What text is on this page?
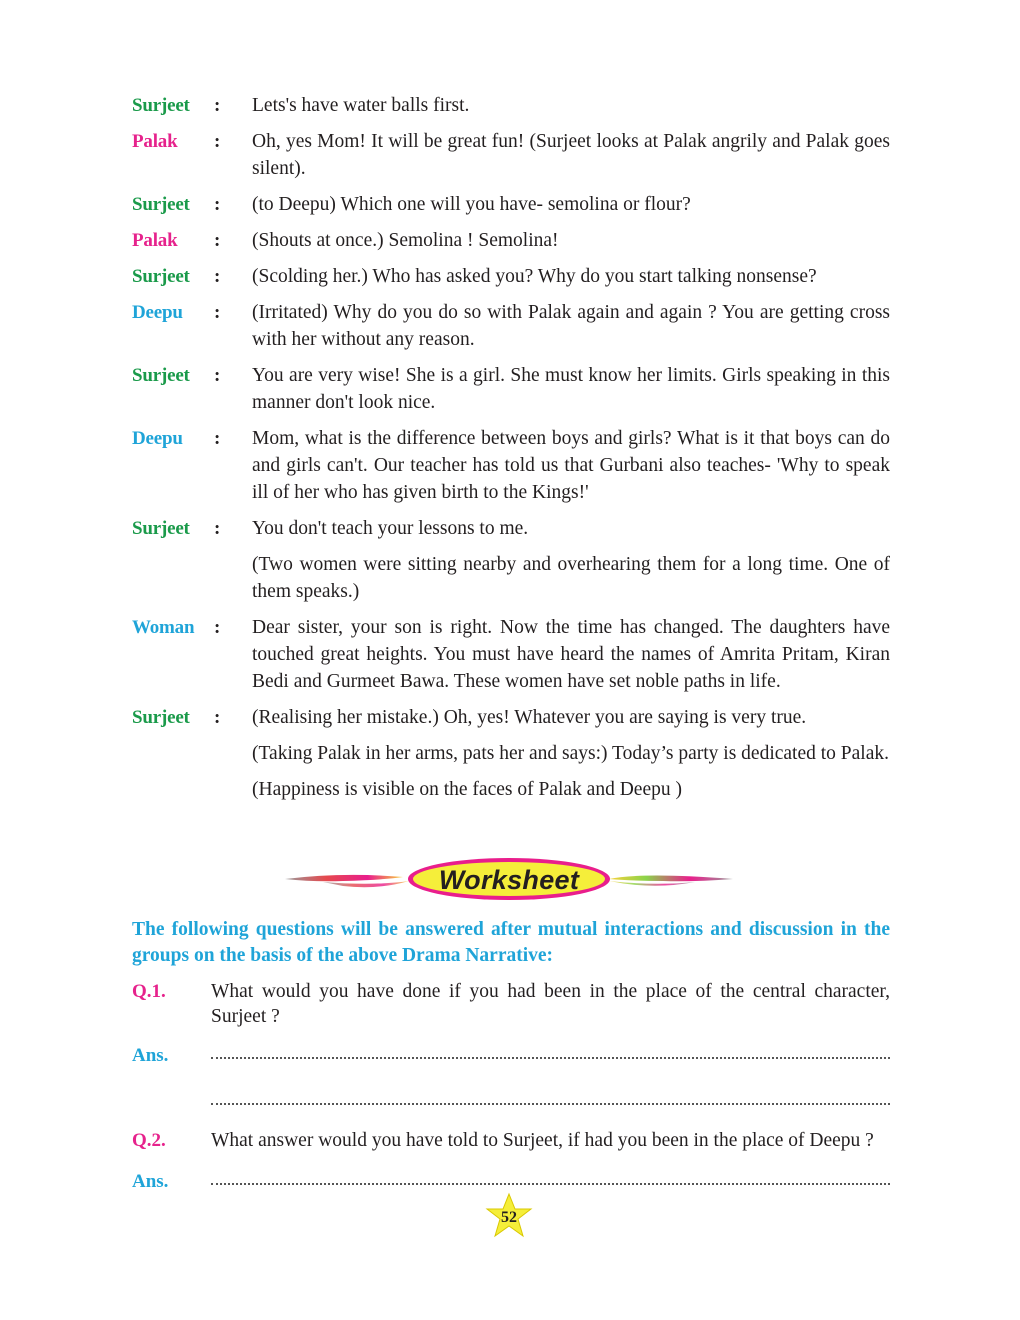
Surjeet	:	Lets's have water balls first.
Palak	:	Oh, yes Mom! It will be great fun! (Surjeet looks at Palak angrily and Palak goes silent).
Surjeet	:	(to Deepu) Which one will you have- semolina or flour?
Palak	:	(Shouts at once.) Semolina ! Semolina!
Surjeet	:	(Scolding her.) Who has asked you? Why do you start talking nonsense?
Deepu	:	(Irritated) Why do you do so with Palak again and again ? You are getting cross with her without any reason.
Surjeet	:	You are very wise! She is a girl. She must know her limits. Girls speaking in this manner don't look nice.
Deepu	:	Mom, what is the difference between boys and girls? What is it that boys can do and girls can't. Our teacher has told us that Gurbani also teaches- 'Why to speak ill of her who has given birth to the Kings!'
Surjeet	:	You don't teach your lessons to me.
(Two women were sitting nearby and overhearing them for a long time. One of them speaks.)
Woman	:	Dear sister, your son is right. Now the time has changed. The daughters have touched great heights. You must have heard the names of Amrita Pritam, Kiran Bedi and Gurmeet Bawa. These women have set noble paths in life.
Surjeet	:	(Realising her mistake.) Oh, yes! Whatever you are saying is very true.
(Taking Palak in her arms, pats her and says:) Today’s party is dedicated to Palak.
(Happiness is visible on the faces of Palak and Deepu )
Worksheet
The following questions will be answered after mutual interactions and discussion in the groups on the basis of the above Drama Narrative:
Q.1.	What would you have done if you had been in the place of the central character, Surjeet ?
Ans.
Q.2.	What answer would you have told to Surjeet, if had you been in the place of Deepu ?
Ans.
52
